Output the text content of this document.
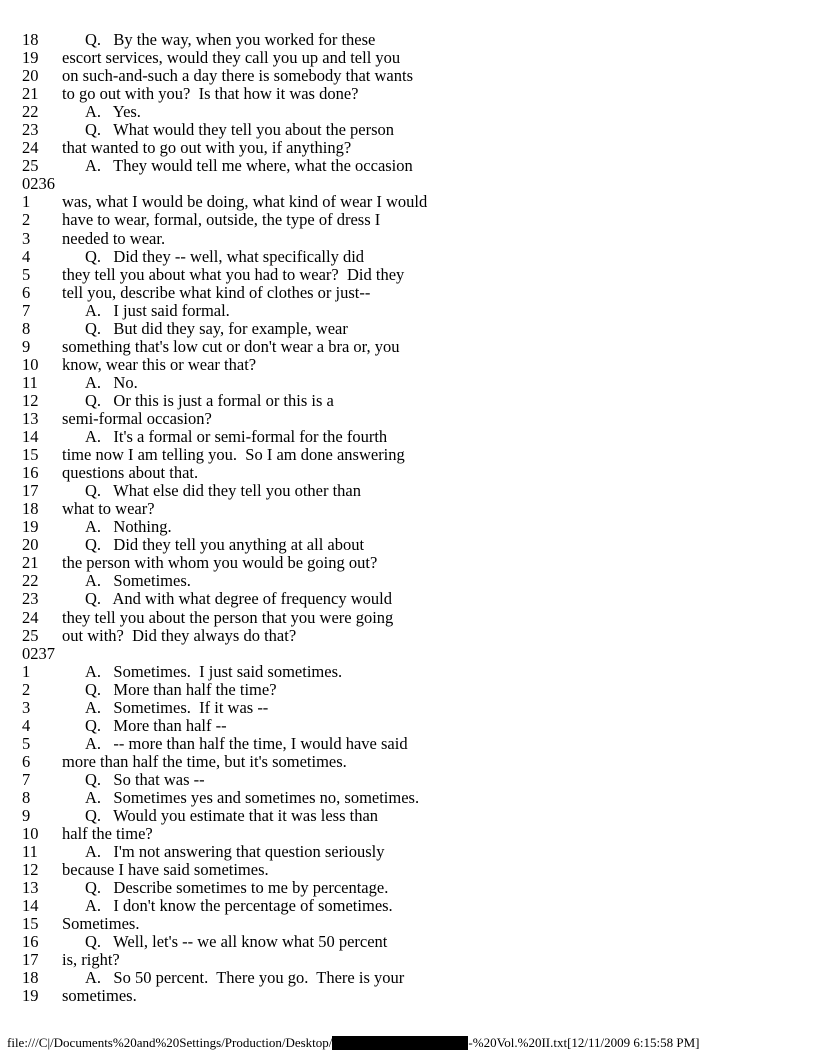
18	Q.   By the way, when you worked for these
19	escort services, would they call you up and tell you
20	on such-and-such a day there is somebody that wants
21	to go out with you?  Is that how it was done?
22	A.   Yes.
23	Q.   What would they tell you about the person
24	that wanted to go out with you, if anything?
25	A.   They would tell me where, what the occasion
0236
1	was, what I would be doing, what kind of wear I would
2	have to wear, formal, outside, the type of dress I
3	needed to wear.
4	Q.   Did they -- well, what specifically did
5	they tell you about what you had to wear?  Did they
6	tell you, describe what kind of clothes or just--
7	A.   I just said formal.
8	Q.   But did they say, for example, wear
9	something that's low cut or don't wear a bra or, you
10	know, wear this or wear that?
11	A.   No.
12	Q.   Or this is just a formal or this is a
13	semi-formal occasion?
14	A.   It's a formal or semi-formal for the fourth
15	time now I am telling you.  So I am done answering
16	questions about that.
17	Q.   What else did they tell you other than
18	what to wear?
19	A.   Nothing.
20	Q.   Did they tell you anything at all about
21	the person with whom you would be going out?
22	A.   Sometimes.
23	Q.   And with what degree of frequency would
24	they tell you about the person that you were going
25	out with?  Did they always do that?
0237
1	A.   Sometimes.  I just said sometimes.
2	Q.   More than half the time?
3	A.   Sometimes.  If it was --
4	Q.   More than half --
5	A.   -- more than half the time, I would have said
6	more than half the time, but it's sometimes.
7	Q.   So that was --
8	A.   Sometimes yes and sometimes no, sometimes.
9	Q.   Would you estimate that it was less than
10	half the time?
11	A.   I'm not answering that question seriously
12	because I have said sometimes.
13	Q.   Describe sometimes to me by percentage.
14	A.   I don't know the percentage of sometimes.
15	Sometimes.
16	Q.   Well, let's -- we all know what 50 percent
17	is, right?
18	A.   So 50 percent.  There you go.  There is your
19	sometimes.
file:///C|/Documents%20and%20Settings/Production/Desktop/	-%20Vol.%20II.txt[12/11/2009 6:15:58 PM]
